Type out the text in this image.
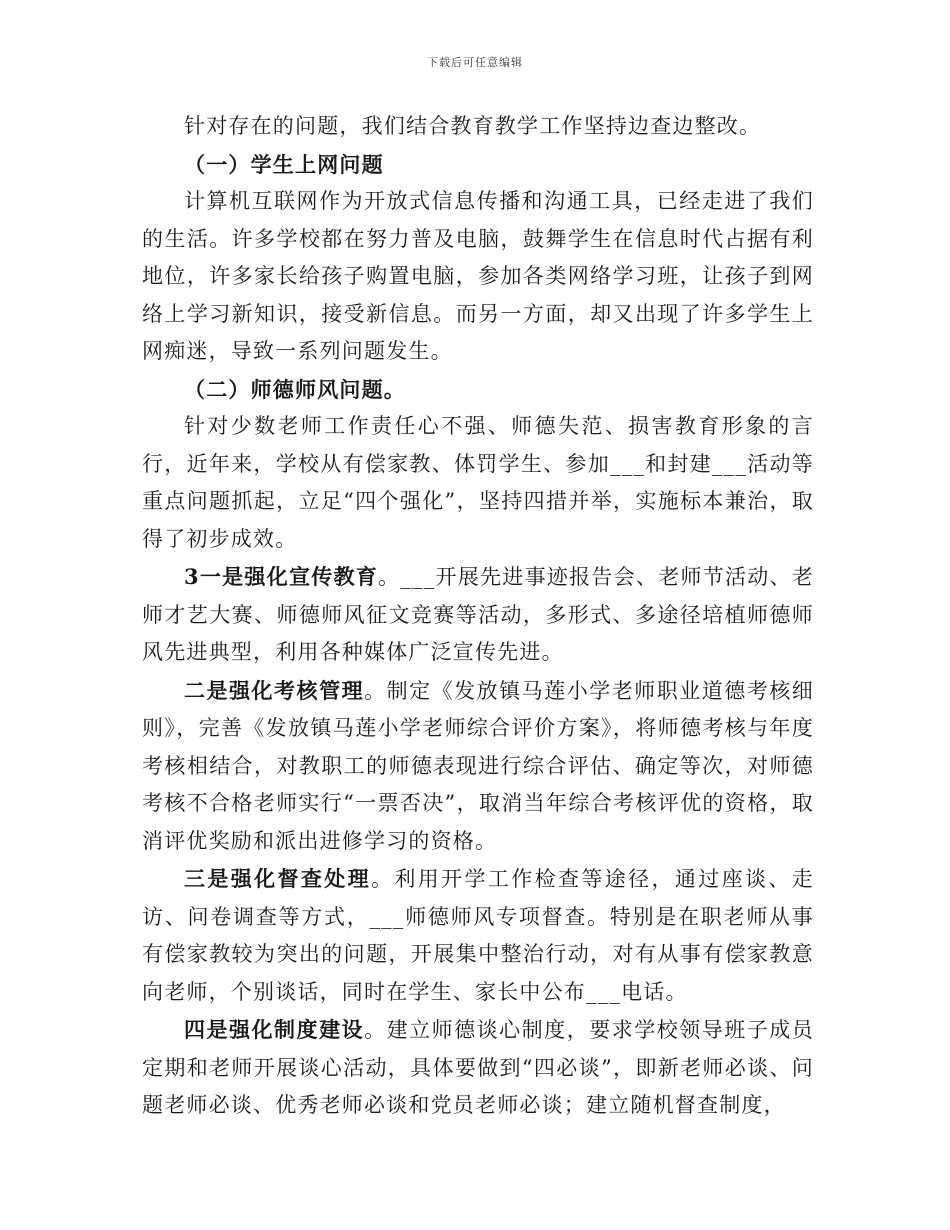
下载后可任意编辑

针对存在的问题，我们结合教育教学工作坚持边查边整改。

（一）学生上网问题

计算机互联网作为开放式信息传播和沟通工具，已经走进了我们的生活。许多学校都在努力普及电脑，鼓舞学生在信息时代占据有利地位，许多家长给孩子购置电脑，参加各类网络学习班，让孩子到网络上学习新知识，接受新信息。而另一方面，却又出现了许多学生上网痴迷，导致一系列问题发生。

（二）师德师风问题。

针对少数老师工作责任心不强、师德失范、损害教育形象的言行，近年来，学校从有偿家教、体罚学生、参加___和封建___活动等重点问题抓起，立足“四个强化”，坚持四措并举，实施标本兼治，取得了初步成效。

3一是强化宣传教育。___开展先进事迹报告会、老师节活动、老师才艺大赛、师德师风征文竞赛等活动，多形式、多途径培植师德师风先进典型，利用各种媒体广泛宣传先进。

二是强化考核管理。制定《发放镇马莲小学老师职业道德考核细则》，完善《发放镇马莲小学老师综合评价方案》，将师德考核与年度考核相结合，对教职工的师德表现进行综合评估、确定等次，对师德考核不合格老师实行“一票否决”，取消当年综合考核评优的资格，取消评优奖励和派出进修学习的资格。

三是强化督查处理。利用开学工作检查等途径，通过座谈、走访、问卷调查等方式，___师德师风专项督查。特别是在职老师从事有偿家教较为突出的问题，开展集中整治行动，对有从事有偿家教意向老师，个别谈话，同时在学生、家长中公布___电话。

四是强化制度建设。建立师德谈心制度，要求学校领导班子成员定期和老师开展谈心活动，具体要做到“四必谈”，即新老师必谈、问题老师必谈、优秀老师必谈和党员老师必谈；建立随机督查制度，
